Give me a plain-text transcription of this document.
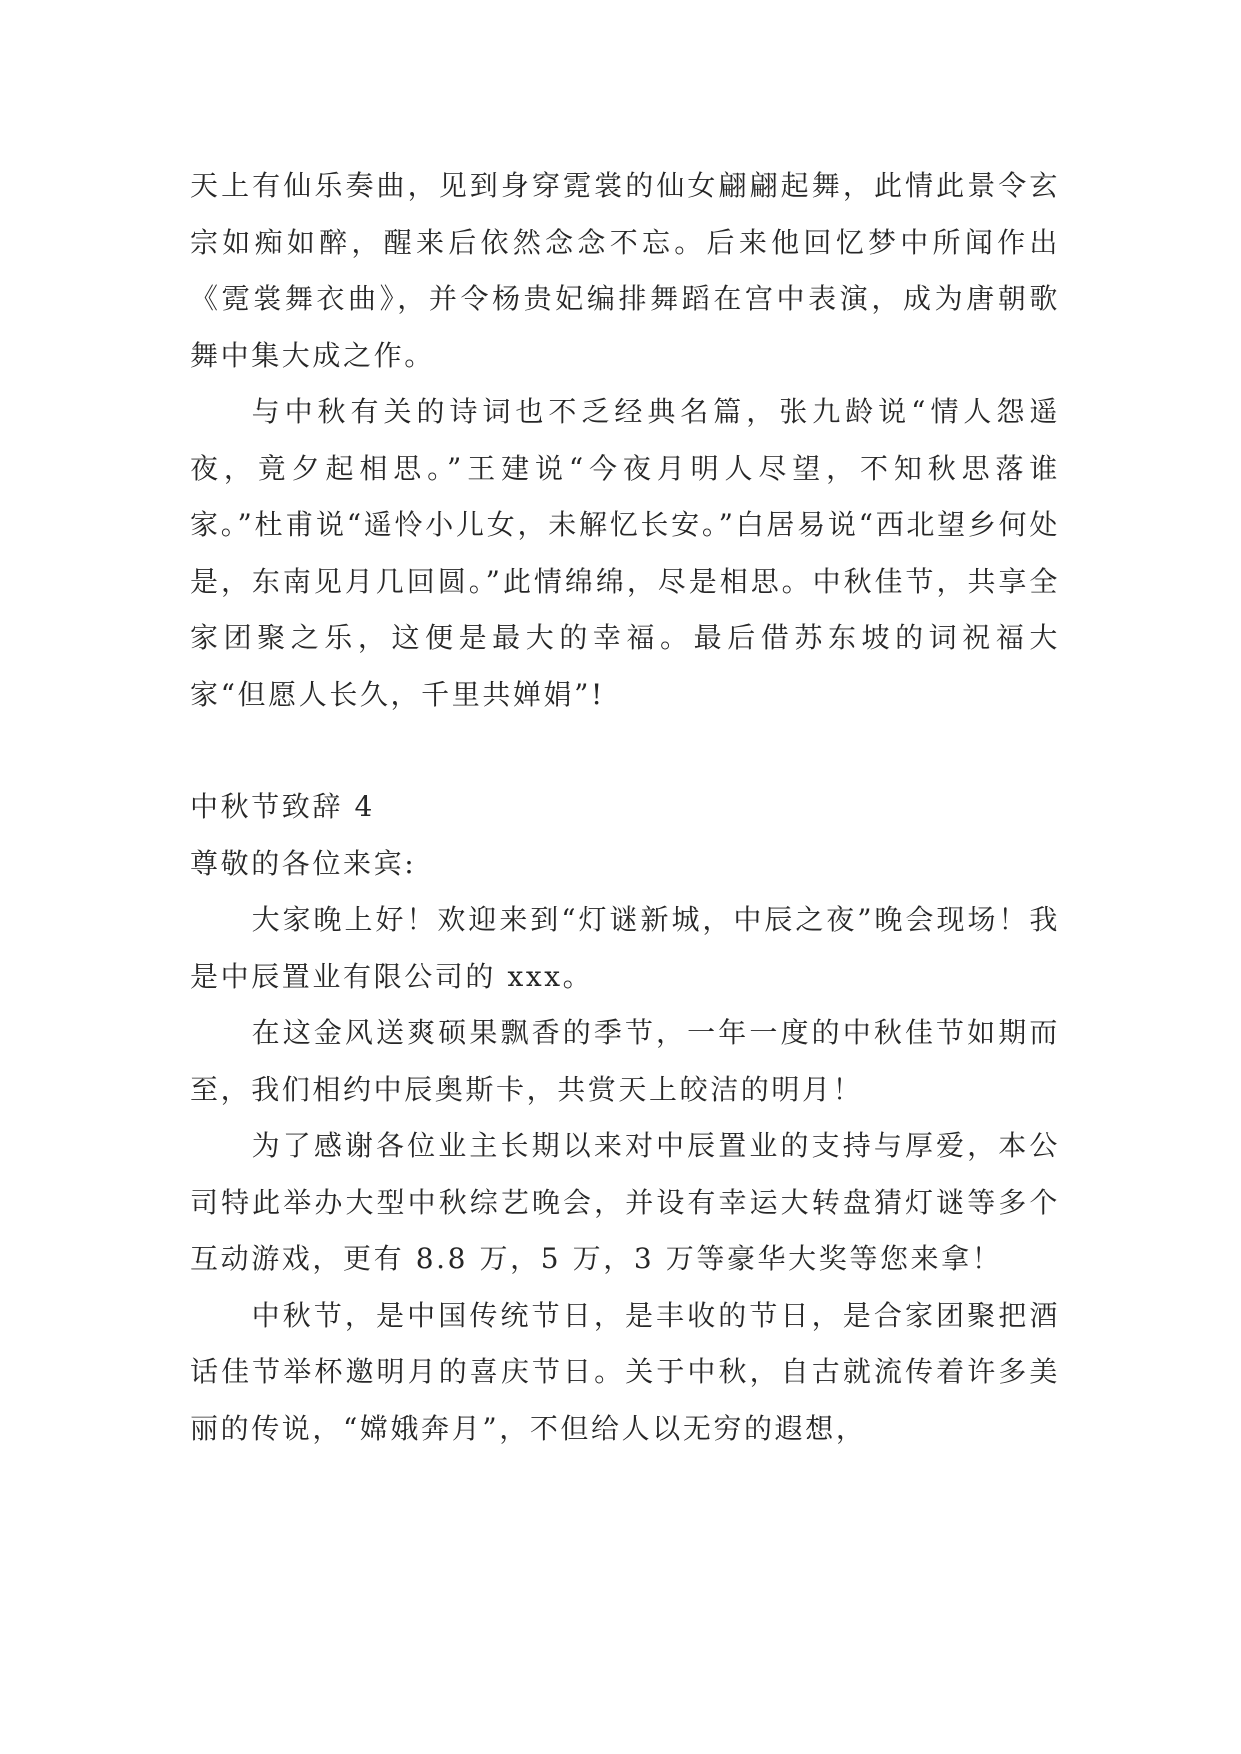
天上有仙乐奏曲，见到身穿霓裳的仙女翩翩起舞，此情此景令玄宗如痴如醉，醒来后依然念念不忘。后来他回忆梦中所闻作出《霓裳舞衣曲》，并令杨贵妃编排舞蹈在宫中表演，成为唐朝歌舞中集大成之作。

与中秋有关的诗词也不乏经典名篇，张九龄说“情人怨遥夜，竟夕起相思。”王建说“今夜月明人尽望，不知秋思落谁家。”杜甫说“遥怜小儿女，未解忆长安。”白居易说“西北望乡何处是，东南见月几回圆。”此情绵绵，尽是相思。中秋佳节，共享全家团聚之乐，这便是最大的幸福。最后借苏东坡的词祝福大家“但愿人长久，千里共婵娟”!

中秋节致辞 4

尊敬的各位来宾:

大家晚上好！欢迎来到“灯谜新城，中辰之夜”晚会现场！我是中辰置业有限公司的 xxx。

在这金风送爽硕果飘香的季节，一年一度的中秋佳节如期而至，我们相约中辰奥斯卡，共赏天上皎洁的明月！

为了感谢各位业主长期以来对中辰置业的支持与厚爱，本公司特此举办大型中秋综艺晚会，并设有幸运大转盘猜灯谜等多个互动游戏，更有 8.8 万，5 万，3 万等豪华大奖等您来拿！

中秋节，是中国传统节日，是丰收的节日，是合家团聚把酒话佳节举杯邀明月的喜庆节日。关于中秋，自古就流传着许多美丽的传说，“嫦娥奔月”，不但给人以无穷的遐想，
